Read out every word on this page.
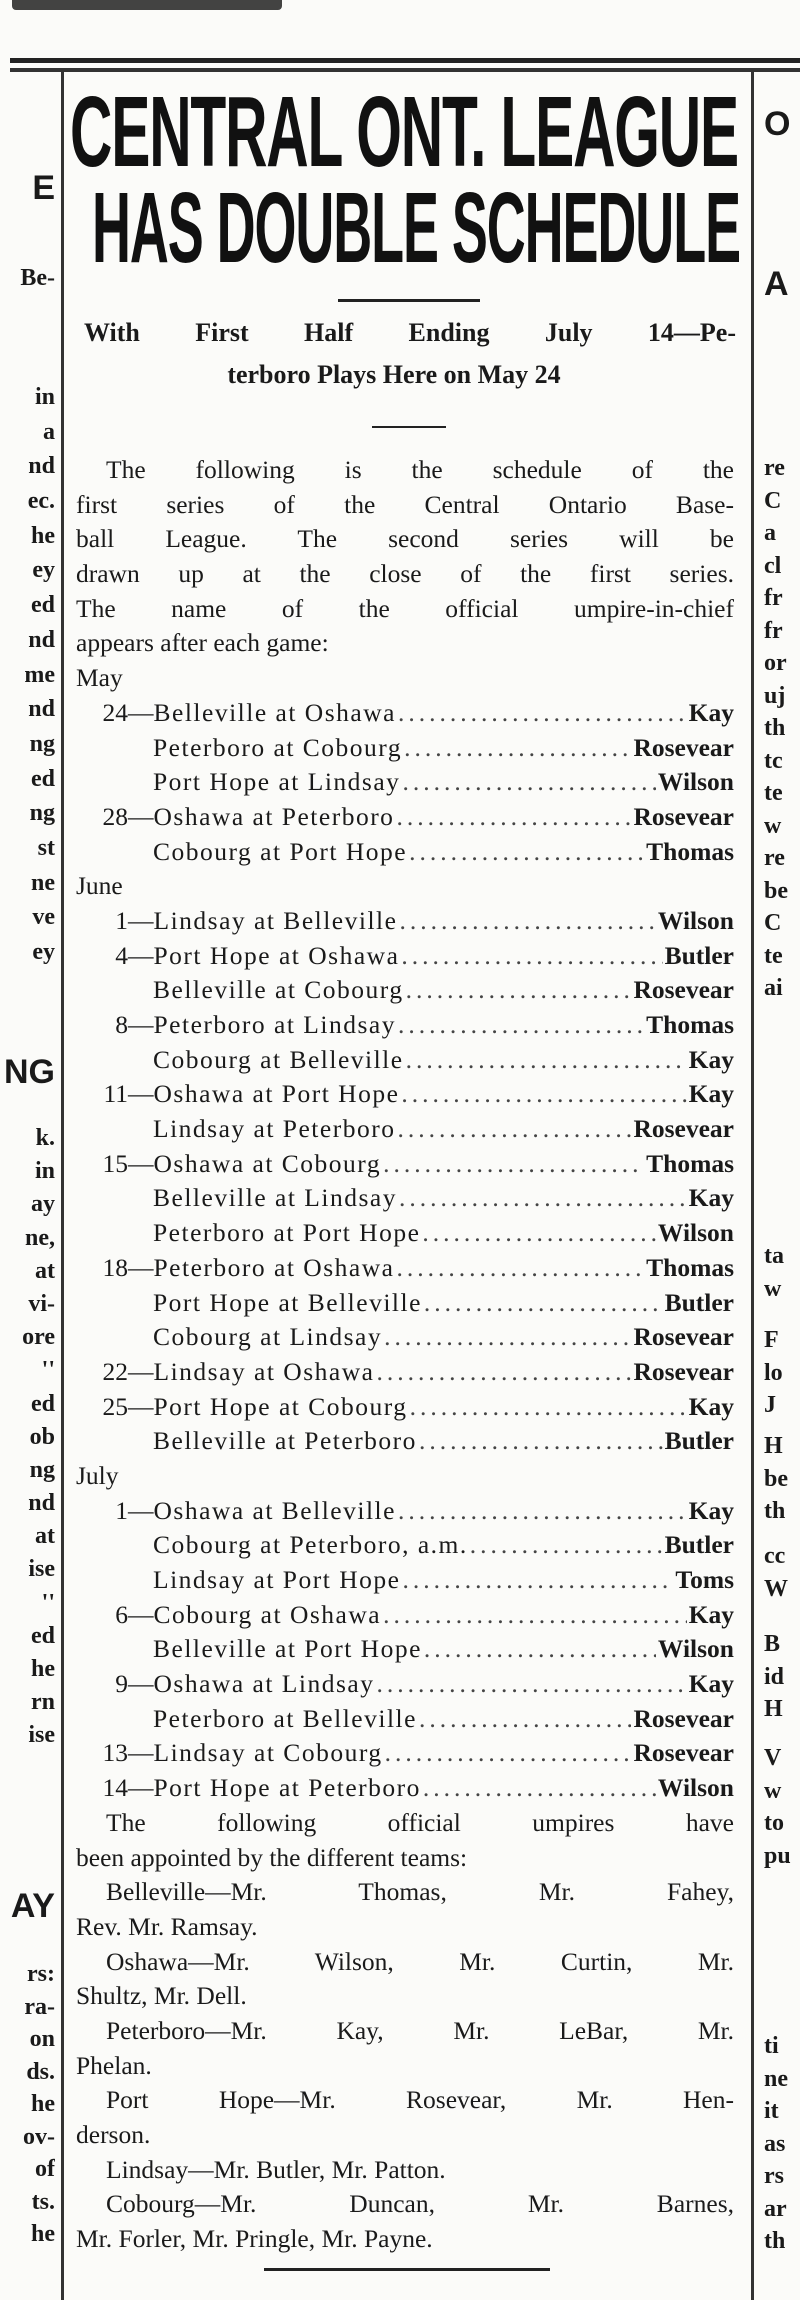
CENTRAL ONT. LEAGUE
HAS DOUBLE SCHEDULE
With First Half Ending July 14—Pe-
terboro Plays Here on May 24
The following is the schedule of the
first series of the Central Ontario Base-
ball League. The second series will be
drawn up at the close of the first series.
The name of the official umpire-in-chief
appears after each game:
May
24 — Belleville at Oshawa .....	Kay
Peterboro at Cobourg .....	Rosevear
Port Hope at Lindsay .....	Wilson
28 — Oshawa at Peterboro .....	Rosevear
Cobourg at Port Hope .....	Thomas
June
1 — Lindsay at Belleville .....	Wilson
4 — Port Hope at Oshawa .....	Butler
Belleville at Cobourg .....	Rosevear
8 — Peterboro at Lindsay .....	Thomas
Cobourg at Belleville .....	Kay
11 — Oshawa at Port Hope .....	Kay
Lindsay at Peterboro .....	Rosevear
15 — Oshawa at Cobourg .....	Thomas
Belleville at Lindsay .....	Kay
Peterboro at Port Hope .....	Wilson
18 — Peterboro at Oshawa .....	Thomas
Port Hope at Belleville .....	Butler
Cobourg at Lindsay .....	Rosevear
22 — Lindsay at Oshawa .....	Rosevear
25 — Port Hope at Cobourg .....	Kay
Belleville at Peterboro .....	Butler
July
1 — Oshawa at Belleville .....	Kay
Cobourg at Peterboro, a.m. .....	Butler
Lindsay at Port Hope .....	Toms
6 — Cobourg at Oshawa .....	Kay
Belleville at Port Hope .....	Wilson
9 — Oshawa at Lindsay .....	Kay
Peterboro at Belleville .....	Rosevear
13 — Lindsay at Cobourg .....	Rosevear
14 — Port Hope at Peterboro .....	Wilson
The following official umpires have
been appointed by the different teams:
Belleville—Mr. Thomas, Mr. Fahey,
Rev. Mr. Ramsay.
Oshawa—Mr. Wilson, Mr. Curtin, Mr.
Shultz, Mr. Dell.
Peterboro—Mr. Kay, Mr. LeBar, Mr.
Phelan.
Port Hope—Mr. Rosevear, Mr. Hen-
derson.
Lindsay—Mr. Butler, Mr. Patton.
Cobourg—Mr. Duncan, Mr. Barnes,
Mr. Forler, Mr. Pringle, Mr. Payne.
E
Be-
in
a
nd
ec.
he
ey
ed
nd
me
nd
ng
ed
ng
st
ne
ve
ey
NG
k.
in
ay
ne,
at
vi-
ore
''
ed
ob
ng
nd
at
ise
''
ed
he
rn
ise
AY
rs:
ra-
on
ds.
he
ov-
of
ts.
he
O
A
re
C
a
cl
fr
fr
or
uj
th
tc
te
w
re
be
C
te
ai
ta
w
F
lo
J
H
be
th
cc
W
B
id
H
V
w
to
pu
ti
ne
it
as
rs
ar
th
